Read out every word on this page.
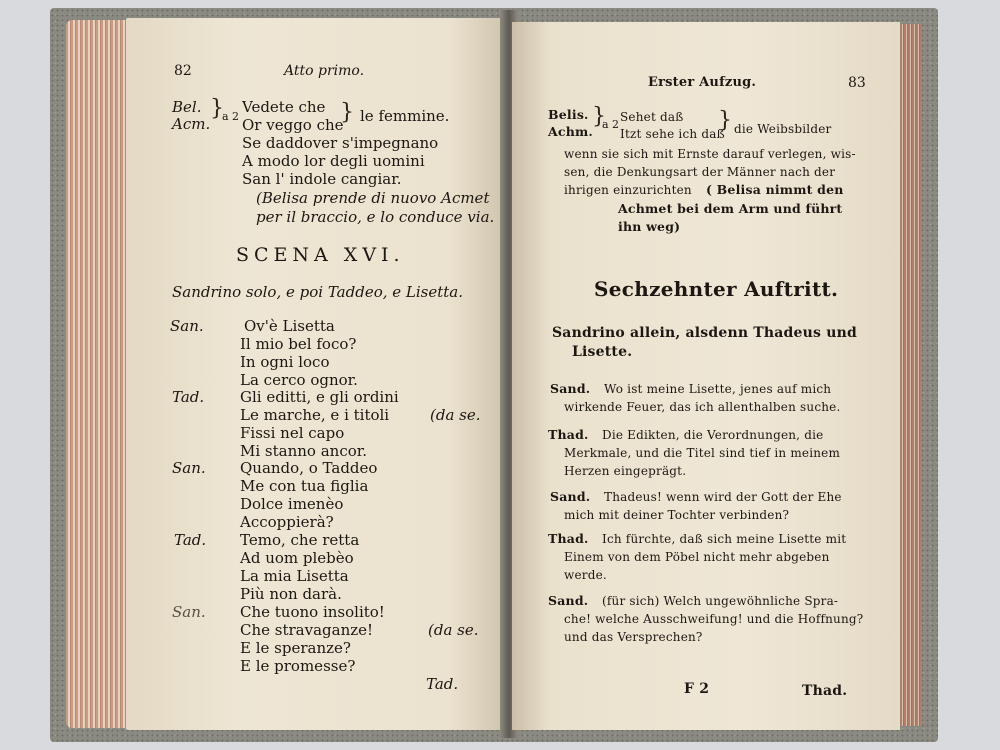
82	Atto primo.
Bel.
Acm.
}
a 2
Vedete che
Or veggo che
} le femmine.
Se daddover s'impegnano
A modo lor degli uomini
San l' indole cangiar.
(Belisa prende di nuovo Acmet
per il braccio, e lo conduce via.
SCENA XVI.
Sandrino solo, e poi Taddeo, e Lisetta.
San.	Ov'è Lisetta
Il mio bel foco?
In ogni loco
La cerco ognor.
Tad. Gli editti, e gli ordini
Le marche, e i titoli	(da se.
Fissi nel capo
Mi stanno ancor.
San. Quando, o Taddeo
Me con tua figlia
Dolce imenèo
Accoppierà?
Tad. Temo, che retta
Ad uom plebèo
La mia Lisetta
Più non darà.
San. Che tuono insolito!
Che stravaganze!	(da se.
E le speranze?
E le promesse?
Tad.
Erster Aufzug.	83
Belis.
Achm.
}
a 2
Sehet daß
Itzt sehe ich daß
} die Weibsbilder
wenn sie sich mit Ernste darauf verlegen, wis-
sen, die Denkungsart der Männer nach der
ihrigen einzurichten ( Belisa nimmt den
Achmet bei dem Arm und führt
ihn weg)
Sechzehnter Auftritt.
Sandrino allein, alsdenn Thadeus und
Lisette.
Sand. Wo ist meine Lisette, jenes auf mich
wirkende Feuer, das ich allenthalben suche.
Thad. Die Edikten, die Verordnungen, die
Merkmale, und die Titel sind tief in meinem
Herzen eingeprägt.
Sand. Thadeus! wenn wird der Gott der Ehe
mich mit deiner Tochter verbinden?
Thad. Ich fürchte, daß sich meine Lisette mit
Einem von dem Pöbel nicht mehr abgeben
werde.
Sand. (für sich) Welch ungewöhnliche Spra-
che! welche Ausschweifung! und die Hoffnung?
und das Versprechen?
F 2	Thad.
